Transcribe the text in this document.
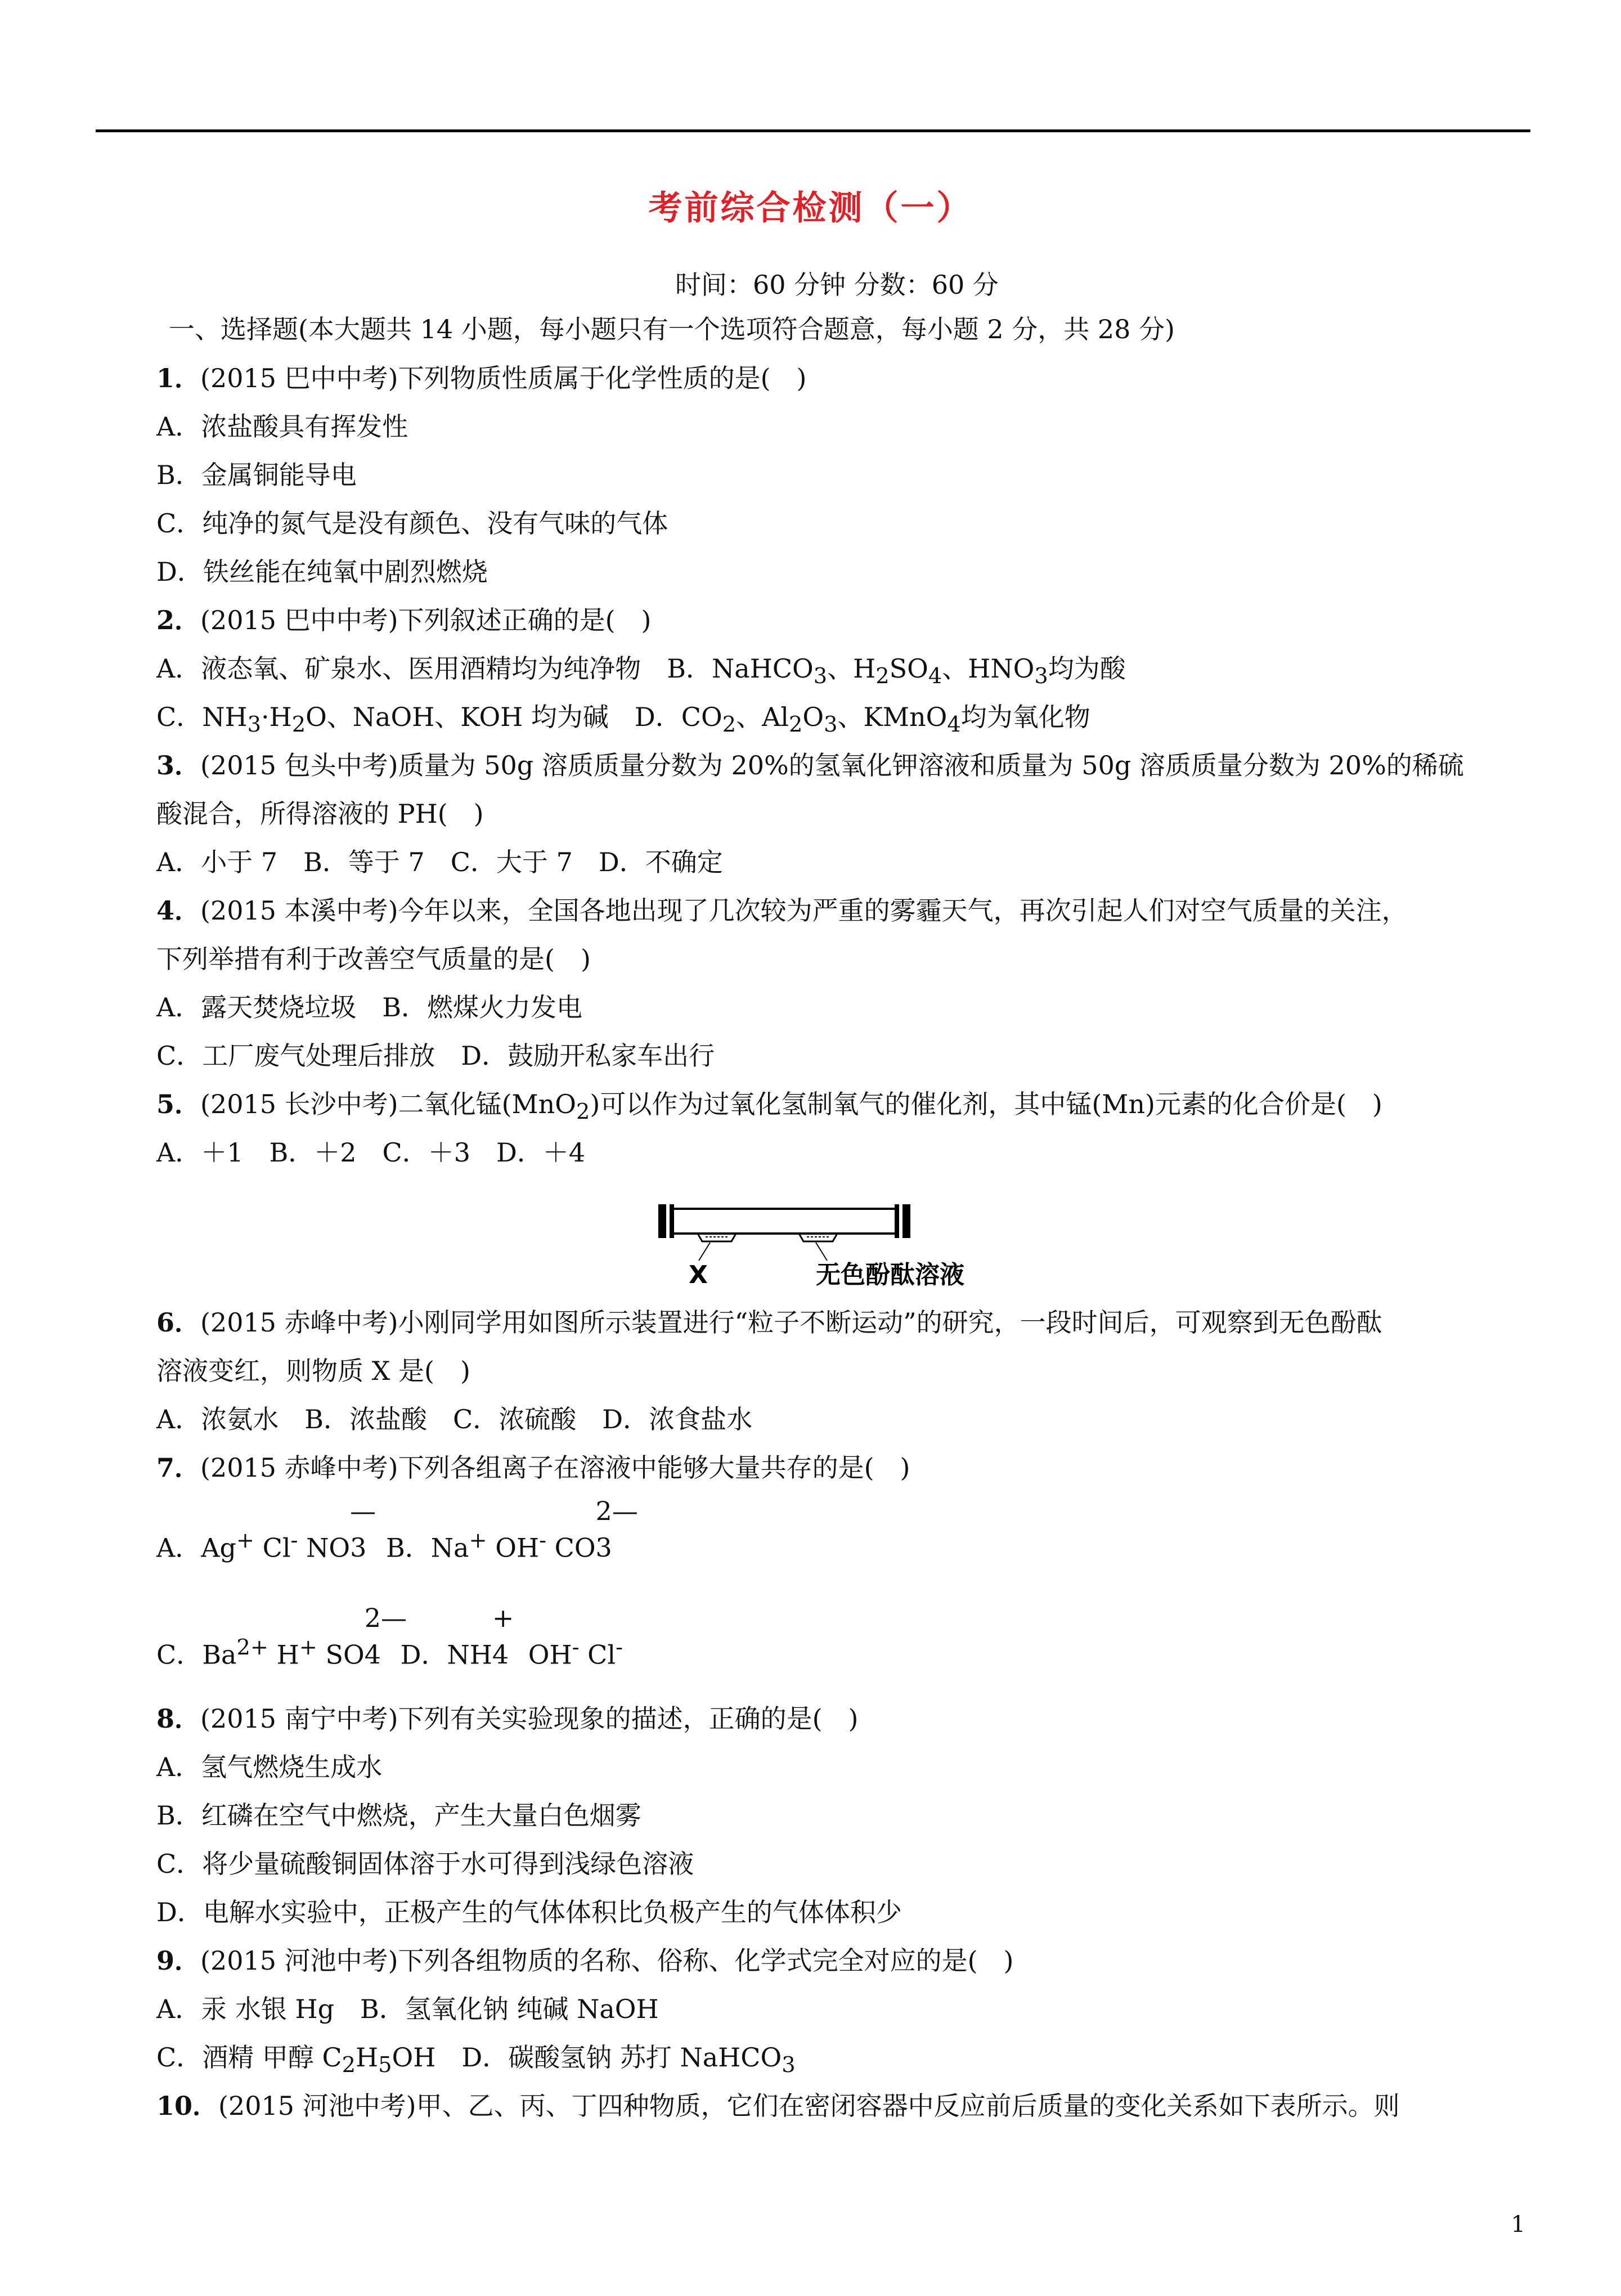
考前综合检测（一）
时间：60 分钟 分数：60 分
一、选择题(本大题共 14 小题，每小题只有一个选项符合题意，每小题 2 分，共 28 分)
1．(2015 巴中中考)下列物质性质属于化学性质的是(　)
A．浓盐酸具有挥发性
B．金属铜能导电
C．纯净的氮气是没有颜色、没有气味的气体
D．铁丝能在纯氧中剧烈燃烧
2．(2015 巴中中考)下列叙述正确的是(　)
A．液态氧、矿泉水、医用酒精均为纯净物　B．NaHCO$_3$、$H_2SO_4$、$HNO_3$均为酸
C．$NH_3\cdot H_2O$、NaOH、KOH 均为碱　D．$CO_2$、$Al_2O_3$、KMnO$_4$均为氧化物
3．(2015 包头中考)质量为 50g 溶质质量分数为 20%的氢氧化钾溶液和质量为 50g 溶质质量分数为 20%的稀硫
酸混合，所得溶液的 PH(　)
A．小于 7　B．等于 7　C．大于 7　D．不确定
4．(2015 本溪中考)今年以来，全国各地出现了几次较为严重的雾霾天气，再次引起人们对空气质量的关注，
下列举措有利于改善空气质量的是(　)
A．露天焚烧垃圾　B．燃煤火力发电
C．工厂废气处理后排放　D．鼓励开私家车出行
5．(2015 长沙中考)二氧化锰(MnO$_2$)可以作为过氧化氢制氧气的催化剂，其中锰(Mn)元素的化合价是(　)
A．＋1　B．＋2　C．＋3　D．＋4
X	无色酚酞溶液
6．(2015 赤峰中考)小刚同学用如图所示装置进行“粒子不断运动”的研究，一段时间后，可观察到无色酚酞
溶液变红，则物质 X 是(　)
A．浓氨水　B．浓盐酸　C．浓硫酸　D．浓食盐水
7．(2015 赤峰中考)下列各组离子在溶液中能够大量共存的是(　)
A．Ag+ Cl- NO
—
3 B．Na+ OH- CO
2—
3
C．$Ba^{2+}$ H+ SO
2—
4 D．NH
+
4 OH- Cl-
8．(2015 南宁中考)下列有关实验现象的描述，正确的是(　)
A．氢气燃烧生成水
B．红磷在空气中燃烧，产生大量白色烟雾
C．将少量硫酸铜固体溶于水可得到浅绿色溶液
D．电解水实验中，正极产生的气体体积比负极产生的气体体积少
9．(2015 河池中考)下列各组物质的名称、俗称、化学式完全对应的是(　)
A．汞 水银 Hg　B．氢氧化钠 纯碱 NaOH
C．酒精 甲醇 $C_2H_5OH$　D．碳酸氢钠 苏打 NaHCO$_3$
10．(2015 河池中考)甲、乙、丙、丁四种物质，它们在密闭容器中反应前后质量的变化关系如下表所示。则
1
